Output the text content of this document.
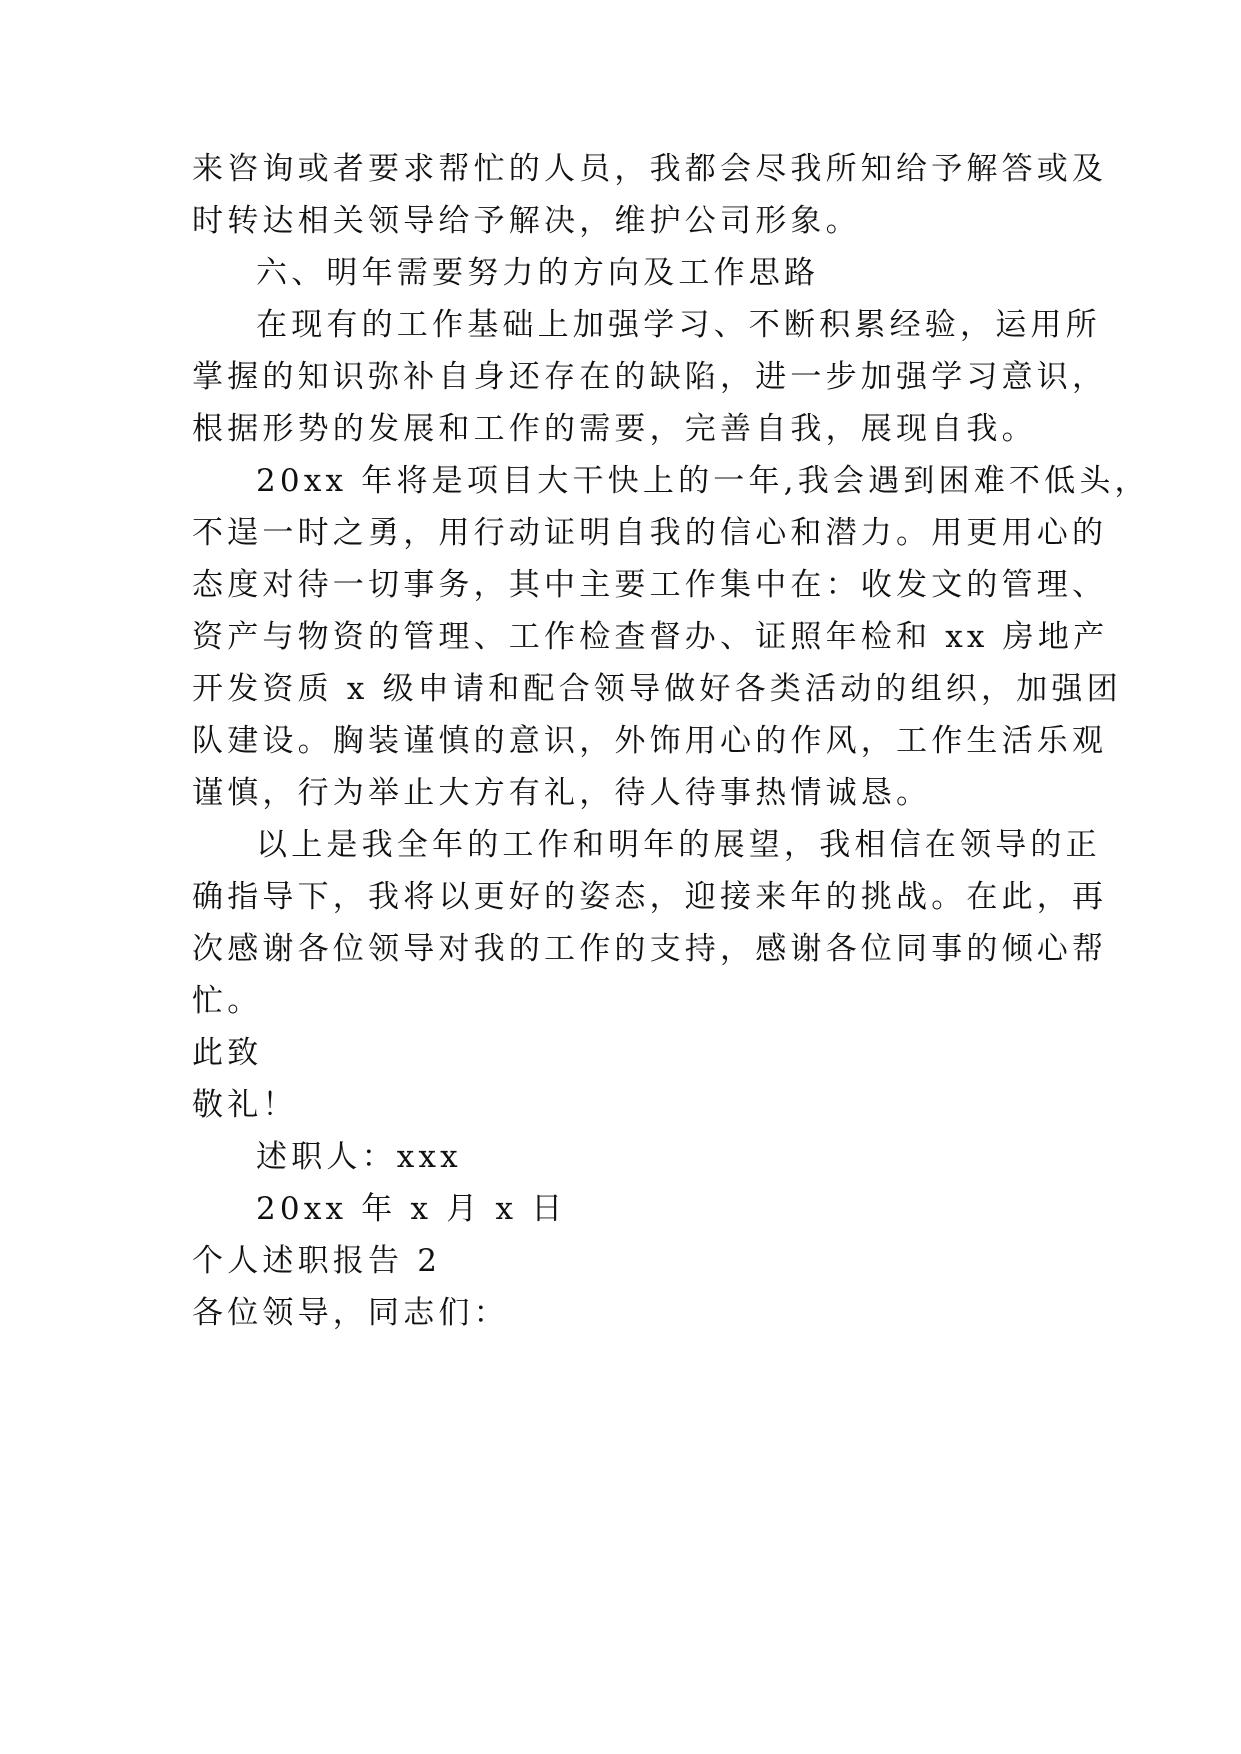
来咨询或者要求帮忙的人员，我都会尽我所知给予解答或及
时转达相关领导给予解决，维护公司形象。
六、明年需要努力的方向及工作思路
在现有的工作基础上加强学习、不断积累经验，运用所
掌握的知识弥补自身还存在的缺陷，进一步加强学习意识，
根据形势的发展和工作的需要，完善自我，展现自我。
20xx 年将是项目大干快上的一年,我会遇到困难不低头，
不逞一时之勇，用行动证明自我的信心和潜力。用更用心的
态度对待一切事务，其中主要工作集中在：收发文的管理、
资产与物资的管理、工作检查督办、证照年检和 xx 房地产
开发资质 x 级申请和配合领导做好各类活动的组织，加强团
队建设。胸装谨慎的意识，外饰用心的作风，工作生活乐观
谨慎，行为举止大方有礼，待人待事热情诚恳。
以上是我全年的工作和明年的展望，我相信在领导的正
确指导下，我将以更好的姿态，迎接来年的挑战。在此，再
次感谢各位领导对我的工作的支持，感谢各位同事的倾心帮
忙。
此致
敬礼！
述职人：xxx
20xx 年 x 月 x 日
个人述职报告 2
各位领导，同志们：
